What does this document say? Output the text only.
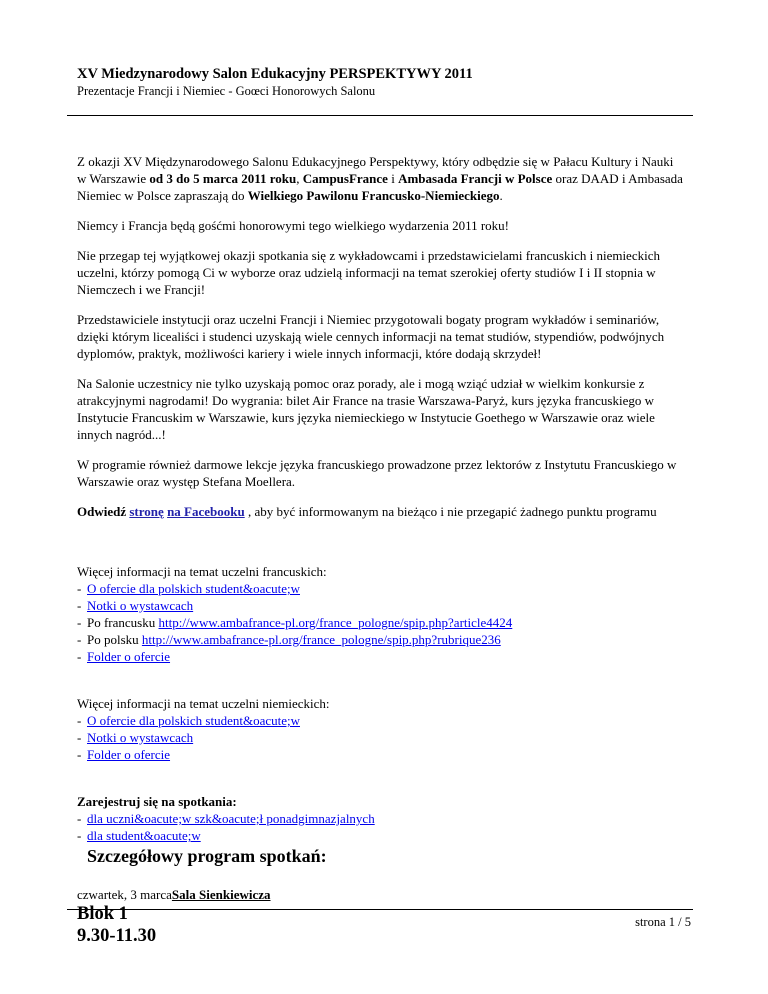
XV Miedzynarodowy Salon Edukacyjny PERSPEKTYWY 2011
Prezentacje Francji i Niemiec - Goœci Honorowych Salonu

Z okazji XV Międzynarodowego Salonu Edukacyjnego Perspektywy, który odbędzie się w Pałacu Kultury i Nauki w Warszawie od 3 do 5 marca 2011 roku, CampusFrance i Ambasada Francji w Polsce oraz DAAD i Ambasada Niemiec w Polsce zapraszają do Wielkiego Pawilonu Francusko-Niemieckiego.

Niemcy i Francja będą gośćmi honorowymi tego wielkiego wydarzenia 2011 roku!

Nie przegap tej wyjątkowej okazji spotkania się z wykładowcami i przedstawicielami francuskich i niemieckich uczelni, którzy pomogą Ci w wyborze oraz udzielą informacji na temat szerokiej oferty studiów I i II stopnia w Niemczech i we Francji!

Przedstawiciele instytucji oraz uczelni Francji i Niemiec przygotowali bogaty program wykładów i seminariów, dzięki którym licealiści i studenci uzyskają wiele cennych informacji na temat studiów, stypendiów, podwójnych dyplomów, praktyk, możliwości kariery i wiele innych informacji, które dodają skrzydeł!

Na Salonie uczestnicy nie tylko uzyskają pomoc oraz porady, ale i mogą wziąć udział w wielkim konkursie z atrakcyjnymi nagrodami! Do wygrania: bilet Air France na trasie Warszawa-Paryż, kurs języka francuskiego w Instytucie Francuskim w Warszawie, kurs języka niemieckiego w Instytucie Goethego w Warszawie oraz wiele innych nagród...!

W programie również darmowe lekcje języka francuskiego prowadzone przez lektorów z Instytutu Francuskiego w Warszawie oraz występ Stefana Moellera.

Odwiedź stronę na Facebooku , aby być informowanym na bieżąco i nie przegapić żadnego punktu programu

Więcej informacji na temat uczelni francuskich:
- O ofercie dla polskich student&oacute;w
- Notki o wystawcach
- Po francusku http://www.ambafrance-pl.org/france_pologne/spip.php?article4424
- Po polsku http://www.ambafrance-pl.org/france_pologne/spip.php?rubrique236
- Folder o ofercie
Więcej informacji na temat uczelni niemieckich:
- O ofercie dla polskich student&oacute;w
- Notki o wystawcach
- Folder o ofercie
Zarejestruj się na spotkania:
- dla uczni&oacute;w szk&oacute;ł ponadgimnazjalnych
- dla student&oacute;w
Szczegółowy program spotkań:
czwartek, 3 marcaSala Sienkiewicza
Blok 1
9.30-11.30
strona 1 / 5
